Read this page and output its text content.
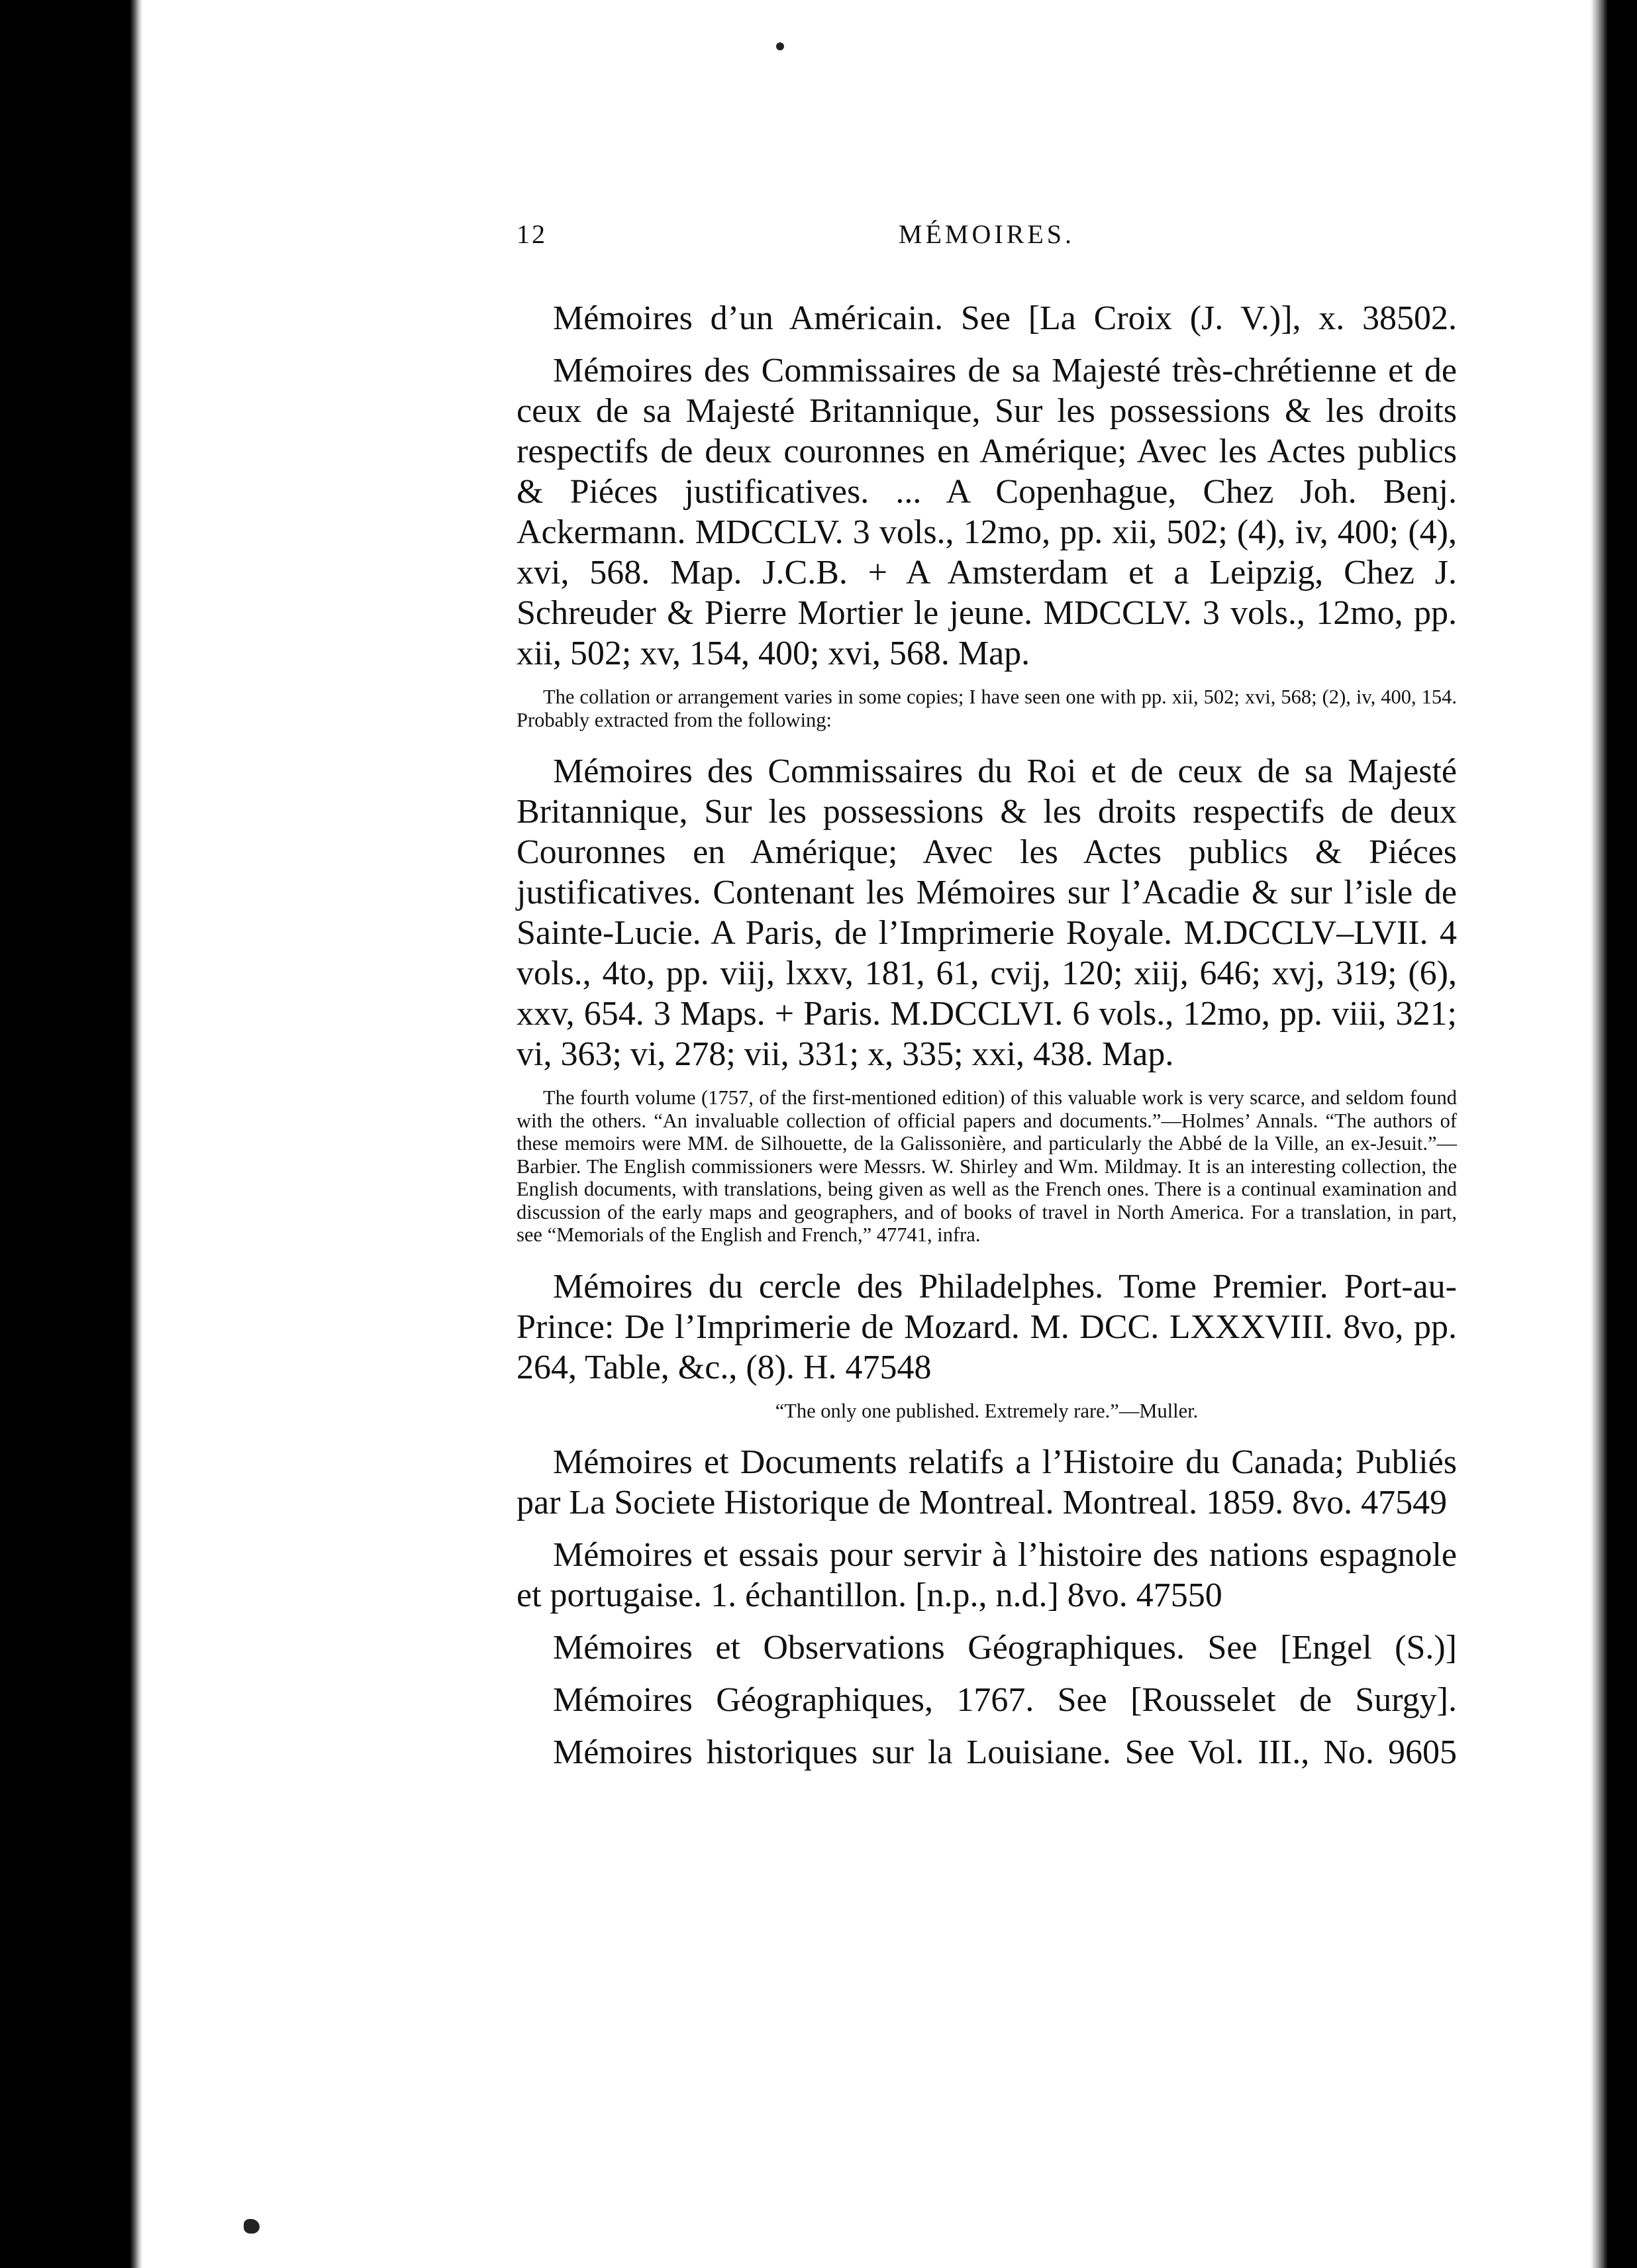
MÉMOIRES.
12

Mémoires d’un Américain. See [La Croix (J. V.)], x. 38502.

Mémoires des Commissaires de sa Majesté très-chrétienne et de ceux de sa Majesté Britannique, Sur les possessions & les droits respectifs de deux couronnes en Amérique; Avec les Actes publics & Piéces justificatives. ... A Copenhague, Chez Joh. Benj. Ackermann. MDCCLV. 3 vols., 12mo, pp. xii, 502; (4), iv, 400; (4), xvi, 568. Map. J.C.B. + A Amsterdam et a Leipzig, Chez J. Schreuder & Pierre Mortier le jeune. MDCCLV. 3 vols., 12mo, pp. xii, 502; xv, 154, 400; xvi, 568. Map.

The collation or arrangement varies in some copies; I have seen one with pp. xii, 502; xvi, 568; (2), iv, 400, 154. Probably extracted from the following:

Mémoires des Commissaires du Roi et de ceux de sa Majesté Britannique, Sur les possessions & les droits respectifs de deux Couronnes en Amérique; Avec les Actes publics & Piéces justificatives. Contenant les Mémoires sur l’Acadie & sur l’isle de Sainte-Lucie. A Paris, de l’Imprimerie Royale. M.DCCLV–LVII. 4 vols., 4to, pp. viij, lxxv, 181, 61, cvij, 120; xiij, 646; xvj, 319; (6), xxv, 654. 3 Maps. + Paris. M.DCCLVI. 6 vols., 12mo, pp. viii, 321; vi, 363; vi, 278; vii, 331; x, 335; xxi, 438. Map.

The fourth volume (1757, of the first-mentioned edition) of this valuable work is very scarce, and seldom found with the others. “An invaluable collection of official papers and documents.”—Holmes’ Annals. “The authors of these memoirs were MM. de Silhouette, de la Galissonière, and particularly the Abbé de la Ville, an ex-Jesuit.”—Barbier. The English commissioners were Messrs. W. Shirley and Wm. Mildmay. It is an interesting collection, the English documents, with translations, being given as well as the French ones. There is a continual examination and discussion of the early maps and geographers, and of books of travel in North America. For a translation, in part, see “Memorials of the English and French,” 47741, infra.

Mémoires du cercle des Philadelphes. Tome Premier. Port-au-Prince: De l’Imprimerie de Mozard. M. DCC. LXXXVIII. 8vo, pp. 264, Table, &c., (8). H. 47548

“The only one published. Extremely rare.”—Muller.

Mémoires et Documents relatifs a l’Histoire du Canada; Publiés par La Societe Historique de Montreal. Montreal. 1859. 8vo. 47549

Mémoires et essais pour servir à l’histoire des nations espagnole et portugaise. 1. échantillon. [n.p., n.d.] 8vo. 47550

Mémoires et Observations Géographiques. See [Engel (S.)]

Mémoires Géographiques, 1767. See [Rousselet de Surgy].

Mémoires historiques sur la Louisiane. See Vol. III., No. 9605
